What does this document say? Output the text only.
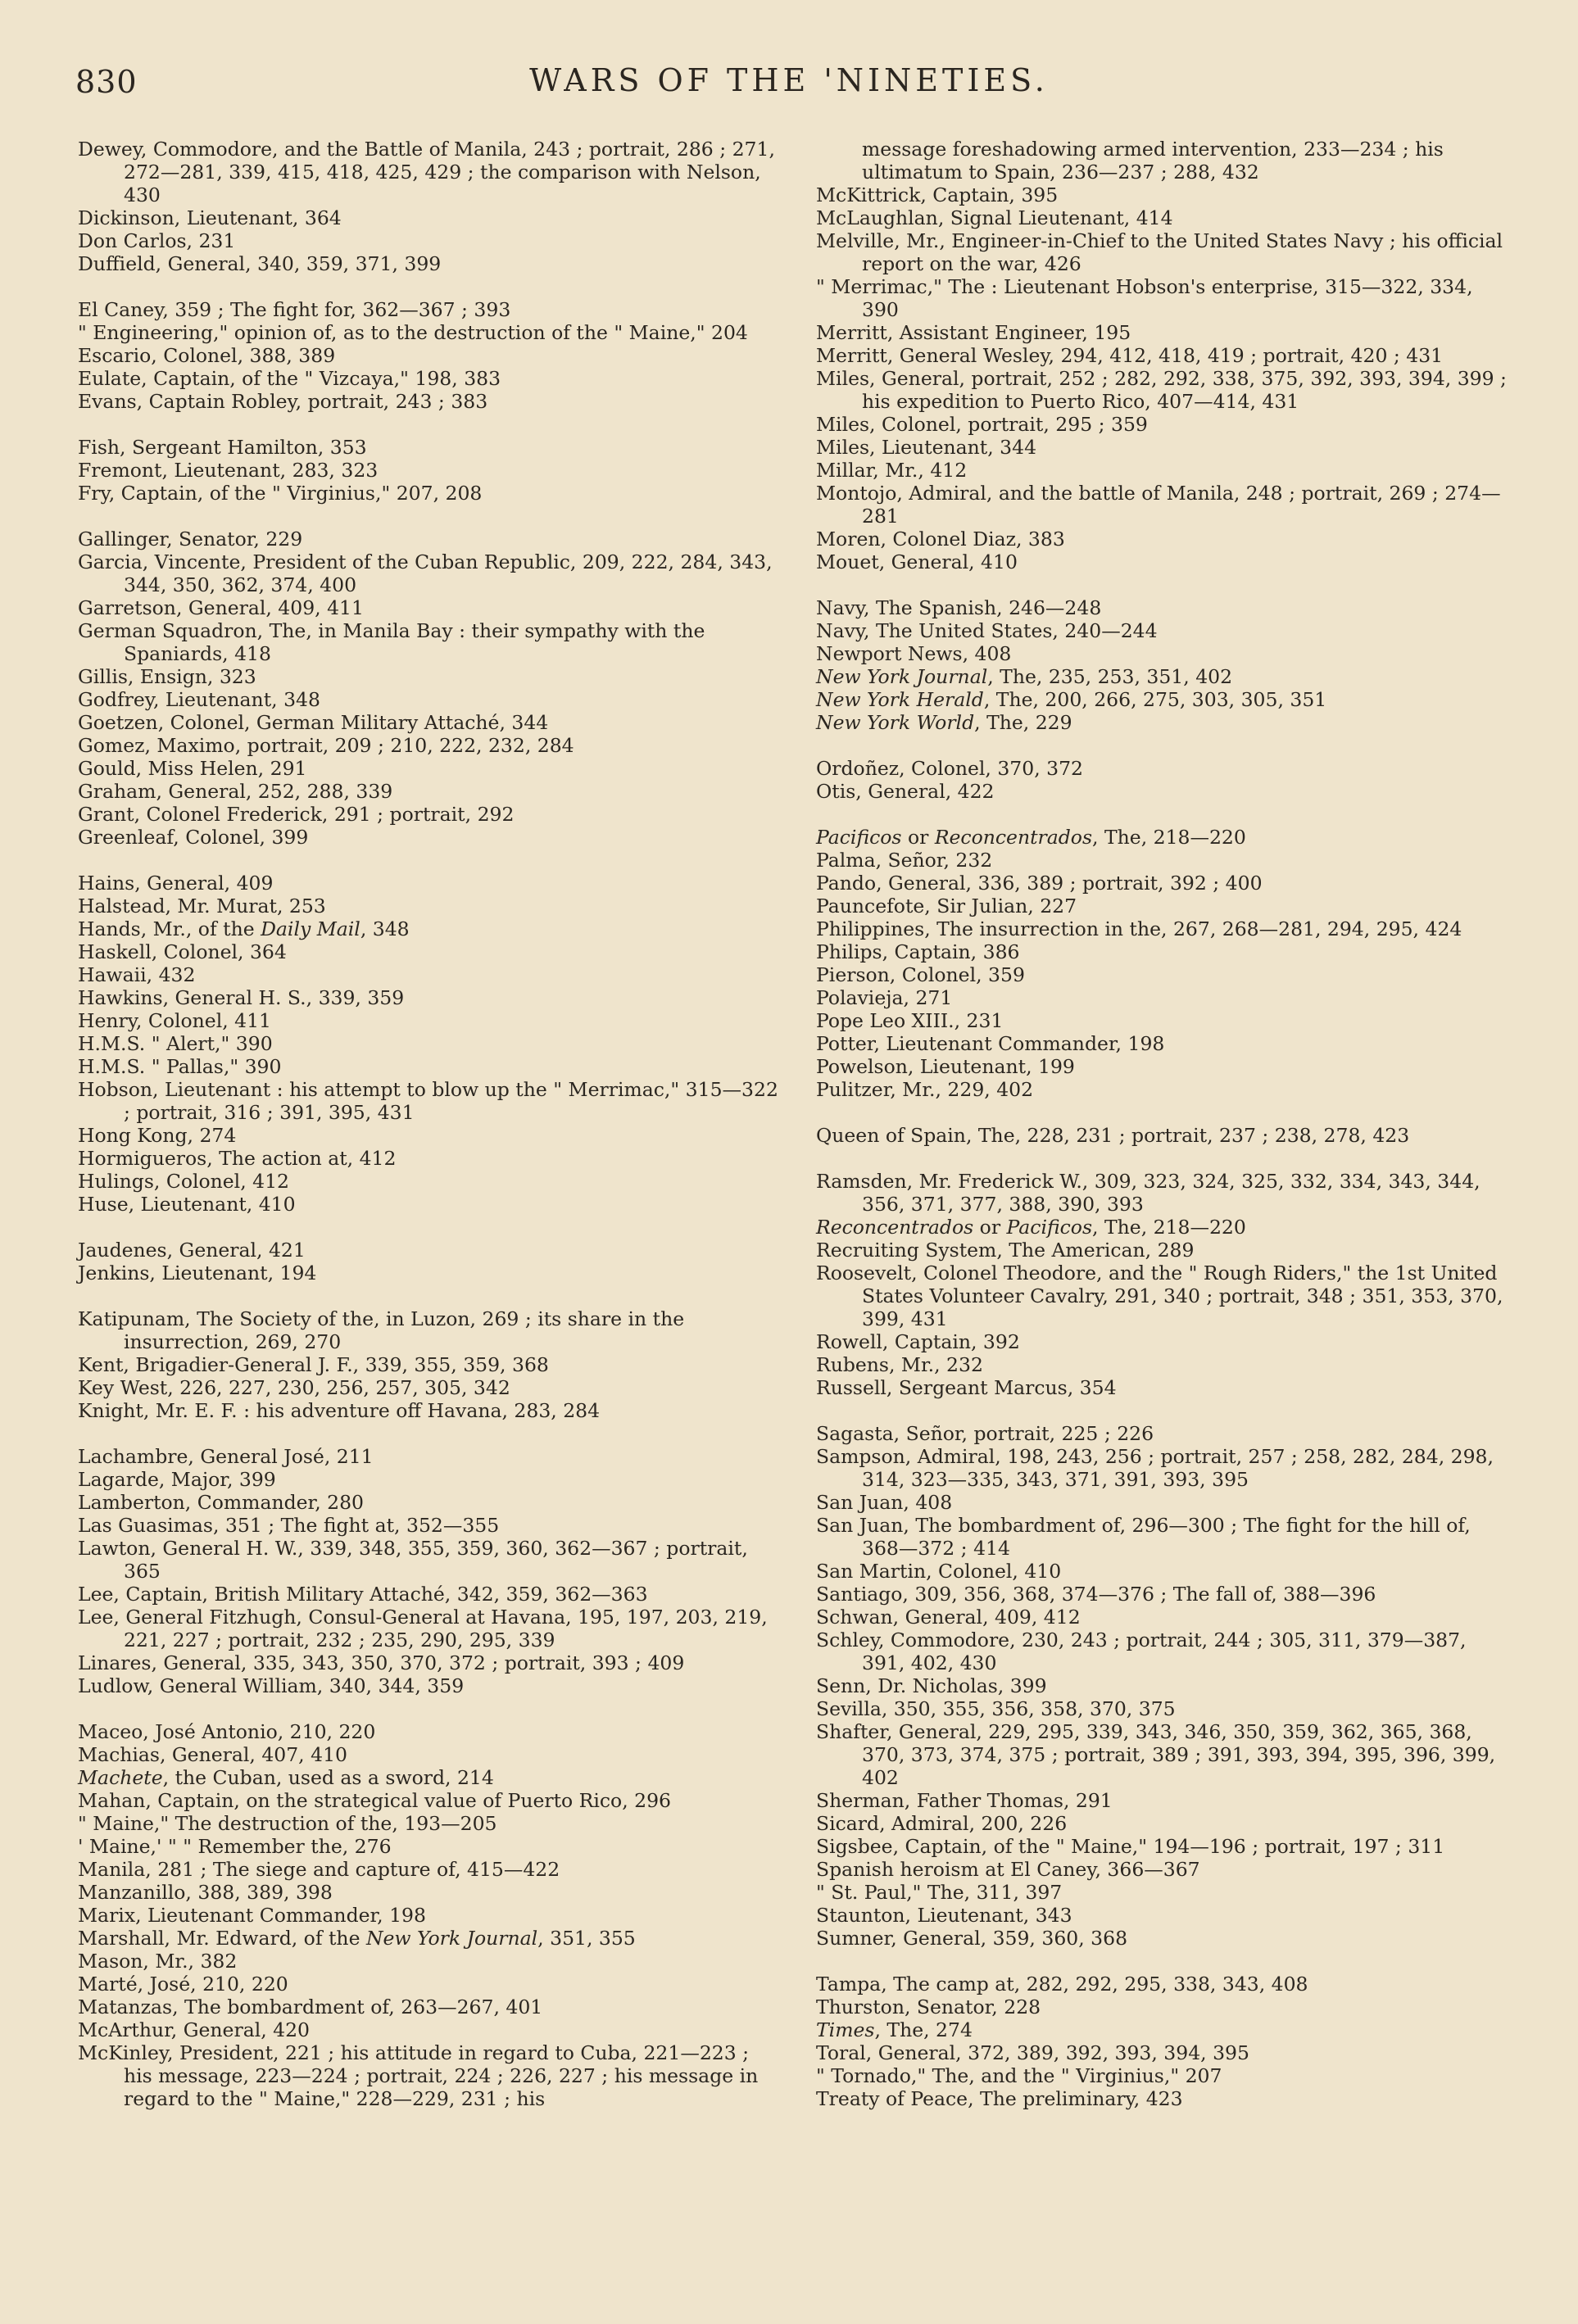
830	WARS OF THE 'NINETIES.
Dewey, Commodore, and the Battle of Manila, 243 ; portrait, 286 ; 271, 272—281, 339, 415, 418, 425, 429 ; the comparison with Nelson, 430
Dickinson, Lieutenant, 364
Don Carlos, 231
Duffield, General, 340, 359, 371, 399
El Caney, 359 ; The fight for, 362—367 ; 393
" Engineering," opinion of, as to the destruction of the " Maine," 204
Escario, Colonel, 388, 389
Eulate, Captain, of the " Vizcaya," 198, 383
Evans, Captain Robley, portrait, 243 ; 383
Fish, Sergeant Hamilton, 353
Fremont, Lieutenant, 283, 323
Fry, Captain, of the " Virginius," 207, 208
Gallinger, Senator, 229
Garcia, Vincente, President of the Cuban Republic, 209, 222, 284, 343, 344, 350, 362, 374, 400
Garretson, General, 409, 411
German Squadron, The, in Manila Bay : their sympathy with the Spaniards, 418
Gillis, Ensign, 323
Godfrey, Lieutenant, 348
Goetzen, Colonel, German Military Attaché, 344
Gomez, Maximo, portrait, 209 ; 210, 222, 232, 284
Gould, Miss Helen, 291
Graham, General, 252, 288, 339
Grant, Colonel Frederick, 291 ; portrait, 292
Greenleaf, Colonel, 399
Hains, General, 409
Halstead, Mr. Murat, 253
Hands, Mr., of the Daily Mail, 348
Haskell, Colonel, 364
Hawaii, 432
Hawkins, General H. S., 339, 359
Henry, Colonel, 411
H.M.S. " Alert," 390
H.M.S. " Pallas," 390
Hobson, Lieutenant : his attempt to blow up the " Merrimac," 315—322 ; portrait, 316 ; 391, 395, 431
Hong Kong, 274
Hormigueros, The action at, 412
Hulings, Colonel, 412
Huse, Lieutenant, 410
Jaudenes, General, 421
Jenkins, Lieutenant, 194
Katipunam, The Society of the, in Luzon, 269 ; its share in the insurrection, 269, 270
Kent, Brigadier-General J. F., 339, 355, 359, 368
Key West, 226, 227, 230, 256, 257, 305, 342
Knight, Mr. E. F. : his adventure off Havana, 283, 284
Lachambre, General José, 211
Lagarde, Major, 399
Lamberton, Commander, 280
Las Guasimas, 351 ; The fight at, 352—355
Lawton, General H. W., 339, 348, 355, 359, 360, 362—367 ; portrait, 365
Lee, Captain, British Military Attaché, 342, 359, 362—363
Lee, General Fitzhugh, Consul-General at Havana, 195, 197, 203, 219, 221, 227 ; portrait, 232 ; 235, 290, 295, 339
Linares, General, 335, 343, 350, 370, 372 ; portrait, 393 ; 409
Ludlow, General William, 340, 344, 359
Maceo, José Antonio, 210, 220
Machias, General, 407, 410
Machete, the Cuban, used as a sword, 214
Mahan, Captain, on the strategical value of Puerto Rico, 296
" Maine," The destruction of the, 193—205
' Maine,' " " Remember the, 276
Manila, 281 ; The siege and capture of, 415—422
Manzanillo, 388, 389, 398
Marix, Lieutenant Commander, 198
Marshall, Mr. Edward, of the New York Journal, 351, 355
Mason, Mr., 382
Marté, José, 210, 220
Matanzas, The bombardment of, 263—267, 401
McArthur, General, 420
McKinley, President, 221 ; his attitude in regard to Cuba, 221—223 ; his message, 223—224 ; portrait, 224 ; 226, 227 ; his message in regard to the " Maine," 228—229, 231 ; his
message foreshadowing armed intervention, 233—234 ; his ultimatum to Spain, 236—237 ; 288, 432
McKittrick, Captain, 395
McLaughlan, Signal Lieutenant, 414
Melville, Mr., Engineer-in-Chief to the United States Navy ; his official report on the war, 426
" Merrimac," The : Lieutenant Hobson's enterprise, 315—322, 334, 390
Merritt, Assistant Engineer, 195
Merritt, General Wesley, 294, 412, 418, 419 ; portrait, 420 ; 431
Miles, General, portrait, 252 ; 282, 292, 338, 375, 392, 393, 394, 399 ; his expedition to Puerto Rico, 407—414, 431
Miles, Colonel, portrait, 295 ; 359
Miles, Lieutenant, 344
Millar, Mr., 412
Montojo, Admiral, and the battle of Manila, 248 ; portrait, 269 ; 274—281
Moren, Colonel Diaz, 383
Mouet, General, 410
Navy, The Spanish, 246—248
Navy, The United States, 240—244
Newport News, 408
New York Journal, The, 235, 253, 351, 402
New York Herald, The, 200, 266, 275, 303, 305, 351
New York World, The, 229
Ordoñez, Colonel, 370, 372
Otis, General, 422
Pacificos or Reconcentrados, The, 218—220
Palma, Señor, 232
Pando, General, 336, 389 ; portrait, 392 ; 400
Pauncefote, Sir Julian, 227
Philippines, The insurrection in the, 267, 268—281, 294, 295, 424
Philips, Captain, 386
Pierson, Colonel, 359
Polavieja, 271
Pope Leo XIII., 231
Potter, Lieutenant Commander, 198
Powelson, Lieutenant, 199
Pulitzer, Mr., 229, 402
Queen of Spain, The, 228, 231 ; portrait, 237 ; 238, 278, 423
Ramsden, Mr. Frederick W., 309, 323, 324, 325, 332, 334, 343, 344, 356, 371, 377, 388, 390, 393
Reconcentrados or Pacificos, The, 218—220
Recruiting System, The American, 289
Roosevelt, Colonel Theodore, and the " Rough Riders," the 1st United States Volunteer Cavalry, 291, 340 ; portrait, 348 ; 351, 353, 370, 399, 431
Rowell, Captain, 392
Rubens, Mr., 232
Russell, Sergeant Marcus, 354
Sagasta, Señor, portrait, 225 ; 226
Sampson, Admiral, 198, 243, 256 ; portrait, 257 ; 258, 282, 284, 298, 314, 323—335, 343, 371, 391, 393, 395
San Juan, 408
San Juan, The bombardment of, 296—300 ; The fight for the hill of, 368—372 ; 414
San Martin, Colonel, 410
Santiago, 309, 356, 368, 374—376 ; The fall of, 388—396
Schwan, General, 409, 412
Schley, Commodore, 230, 243 ; portrait, 244 ; 305, 311, 379—387, 391, 402, 430
Senn, Dr. Nicholas, 399
Sevilla, 350, 355, 356, 358, 370, 375
Shafter, General, 229, 295, 339, 343, 346, 350, 359, 362, 365, 368, 370, 373, 374, 375 ; portrait, 389 ; 391, 393, 394, 395, 396, 399, 402
Sherman, Father Thomas, 291
Sicard, Admiral, 200, 226
Sigsbee, Captain, of the " Maine," 194—196 ; portrait, 197 ; 311
Spanish heroism at El Caney, 366—367
" St. Paul," The, 311, 397
Staunton, Lieutenant, 343
Sumner, General, 359, 360, 368
Tampa, The camp at, 282, 292, 295, 338, 343, 408
Thurston, Senator, 228
Times, The, 274
Toral, General, 372, 389, 392, 393, 394, 395
" Tornado," The, and the " Virginius," 207
Treaty of Peace, The preliminary, 423
